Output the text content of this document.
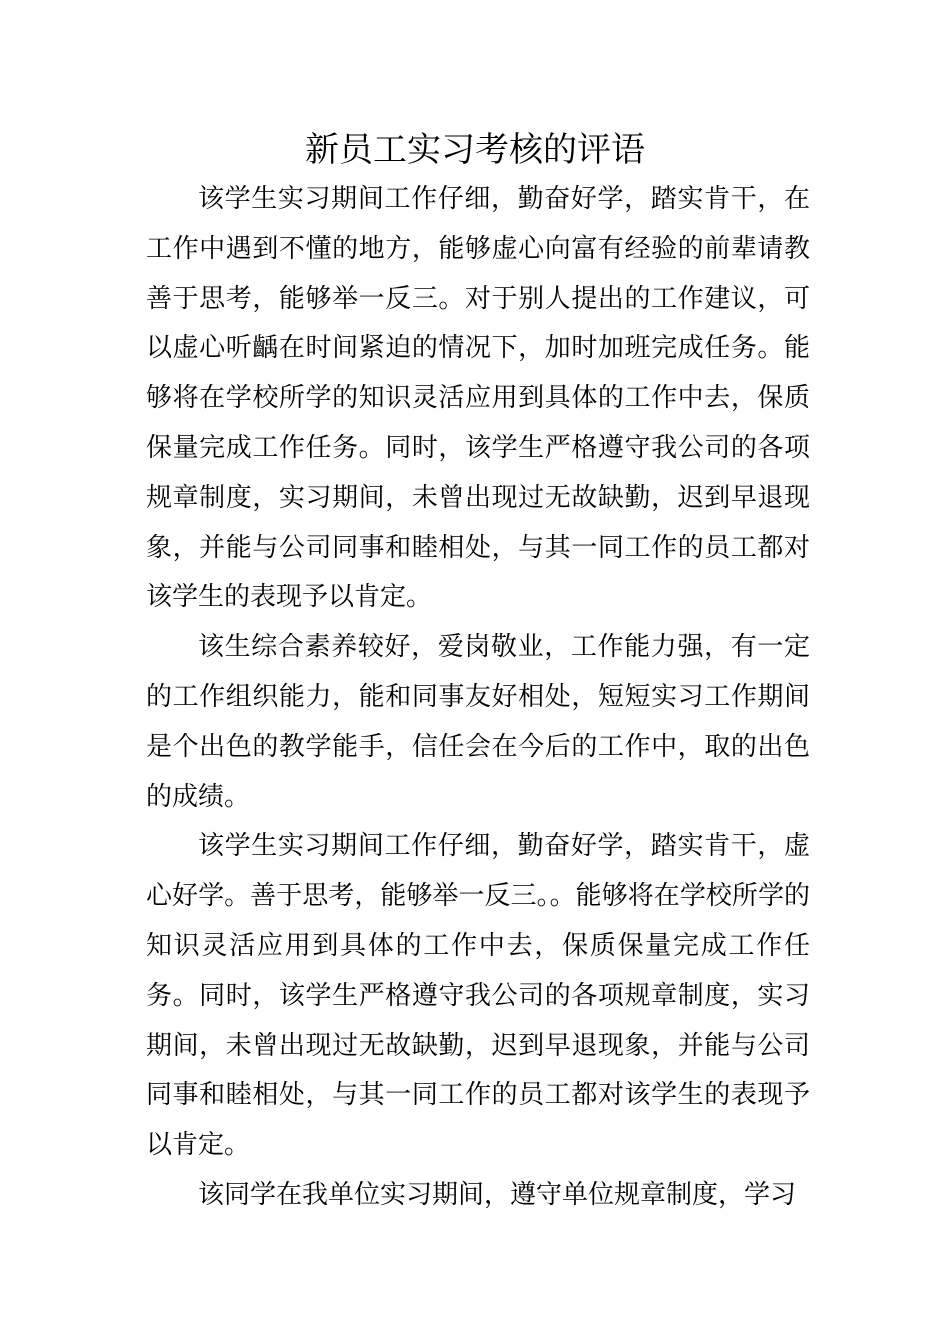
新员工实习考核的评语

该学生实习期间工作仔细，勤奋好学，踏实肯干，在工作中遇到不懂的地方，能够虚心向富有经验的前辈请教善于思考，能够举一反三。对于别人提出的工作建议，可以虚心听齲在时间紧迫的情况下，加时加班完成任务。能够将在学校所学的知识灵活应用到具体的工作中去，保质保量完成工作任务。同时，该学生严格遵守我公司的各项规章制度，实习期间，未曾出现过无故缺勤，迟到早退现象，并能与公司同事和睦相处，与其一同工作的员工都对该学生的表现予以肯定。

该生综合素养较好，爱岗敬业，工作能力强，有一定的工作组织能力，能和同事友好相处，短短实习工作期间是个出色的教学能手，信任会在今后的工作中，取的出色的成绩。

该学生实习期间工作仔细，勤奋好学，踏实肯干，虚心好学。善于思考，能够举一反三。。能够将在学校所学的知识灵活应用到具体的工作中去，保质保量完成工作任务。同时，该学生严格遵守我公司的各项规章制度，实习期间，未曾出现过无故缺勤，迟到早退现象，并能与公司同事和睦相处，与其一同工作的员工都对该学生的表现予以肯定。

该同学在我单位实习期间，遵守单位规章制度，学习
